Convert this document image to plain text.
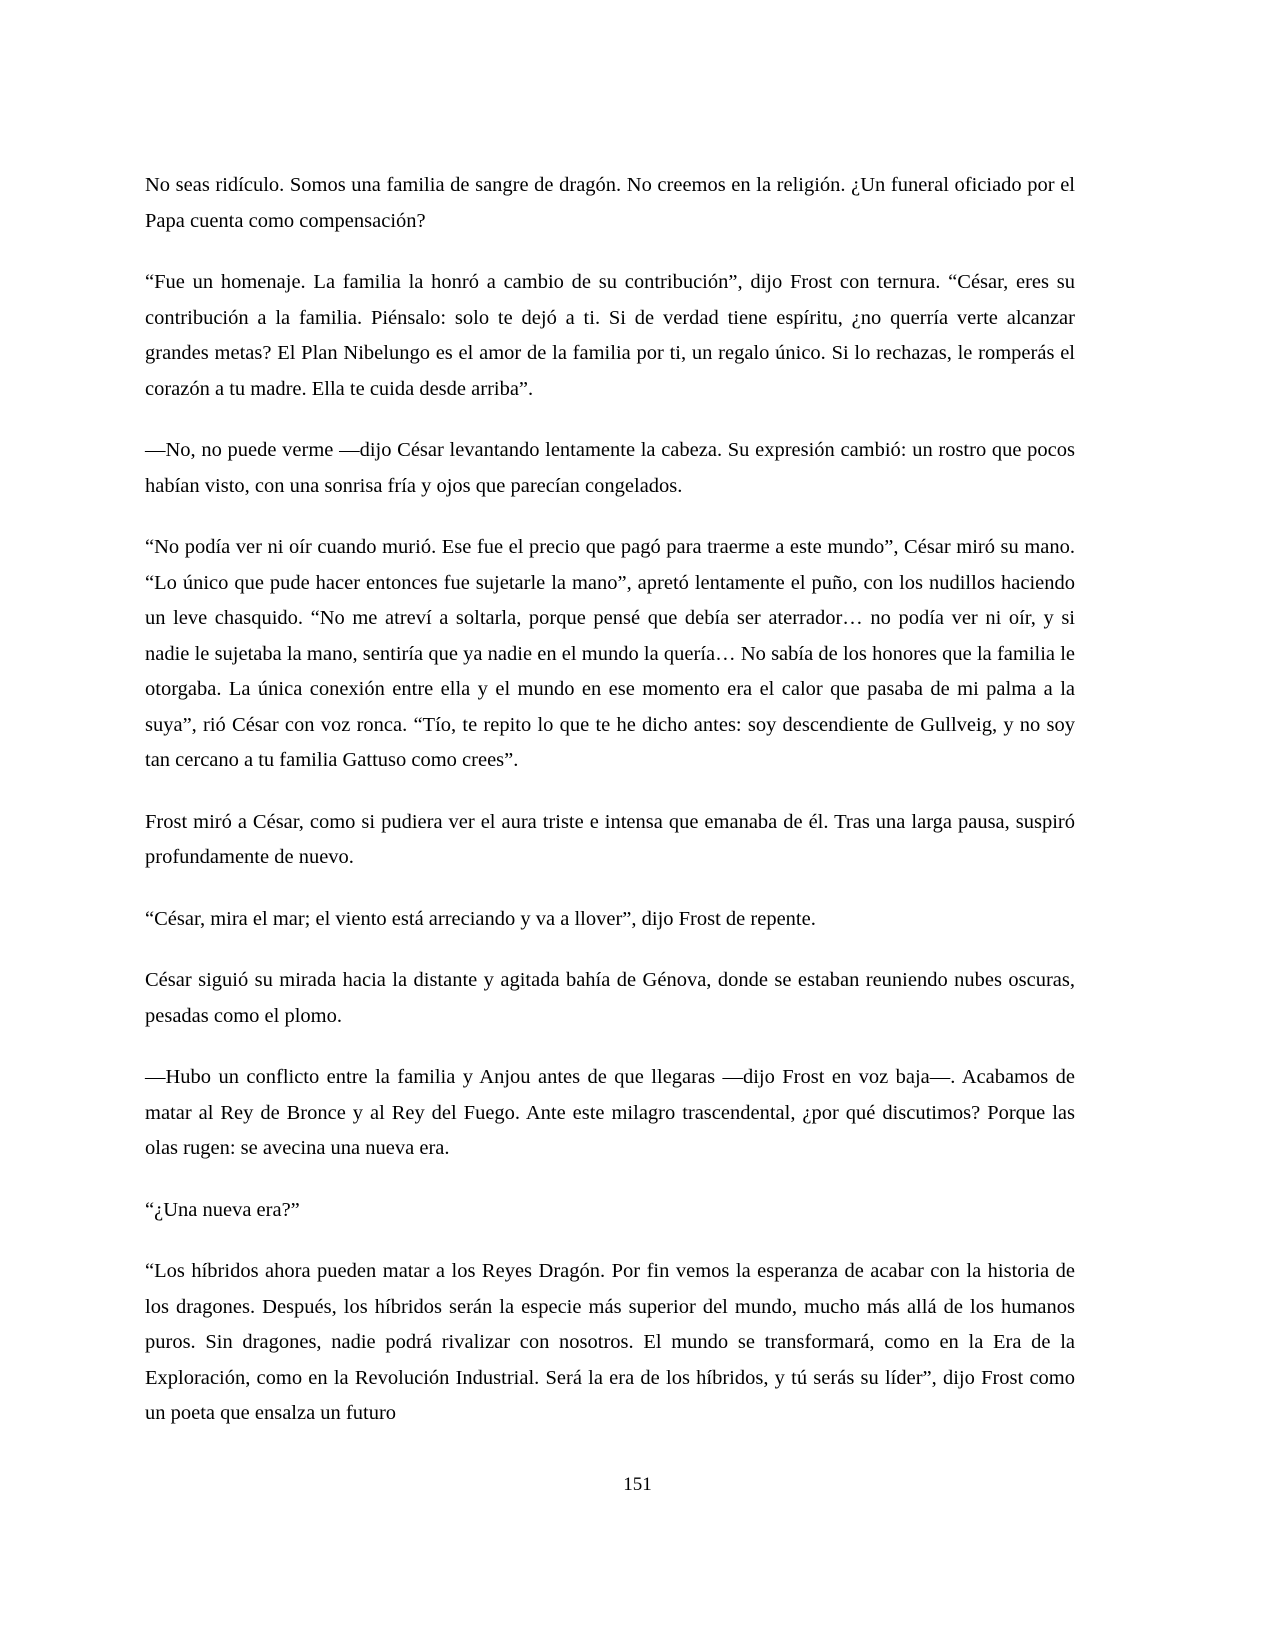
No seas ridículo. Somos una familia de sangre de dragón. No creemos en la religión. ¿Un funeral oficiado por el Papa cuenta como compensación?

“Fue un homenaje. La familia la honró a cambio de su contribución”, dijo Frost con ternura. “César, eres su contribución a la familia. Piénsalo: solo te dejó a ti. Si de verdad tiene espíritu, ¿no querría verte alcanzar grandes metas? El Plan Nibelungo es el amor de la familia por ti, un regalo único. Si lo rechazas, le romperás el corazón a tu madre. Ella te cuida desde arriba”.

—No, no puede verme —dijo César levantando lentamente la cabeza. Su expresión cambió: un rostro que pocos habían visto, con una sonrisa fría y ojos que parecían congelados.

“No podía ver ni oír cuando murió. Ese fue el precio que pagó para traerme a este mundo”, César miró su mano. “Lo único que pude hacer entonces fue sujetarle la mano”, apretó lentamente el puño, con los nudillos haciendo un leve chasquido. “No me atreví a soltarla, porque pensé que debía ser aterrador… no podía ver ni oír, y si nadie le sujetaba la mano, sentiría que ya nadie en el mundo la quería… No sabía de los honores que la familia le otorgaba. La única conexión entre ella y el mundo en ese momento era el calor que pasaba de mi palma a la suya”, rió César con voz ronca. “Tío, te repito lo que te he dicho antes: soy descendiente de Gullveig, y no soy tan cercano a tu familia Gattuso como crees”.

Frost miró a César, como si pudiera ver el aura triste e intensa que emanaba de él. Tras una larga pausa, suspiró profundamente de nuevo.

“César, mira el mar; el viento está arreciando y va a llover”, dijo Frost de repente.

César siguió su mirada hacia la distante y agitada bahía de Génova, donde se estaban reuniendo nubes oscuras, pesadas como el plomo.

—Hubo un conflicto entre la familia y Anjou antes de que llegaras —dijo Frost en voz baja—. Acabamos de matar al Rey de Bronce y al Rey del Fuego. Ante este milagro trascendental, ¿por qué discutimos? Porque las olas rugen: se avecina una nueva era.

“¿Una nueva era?”

“Los híbridos ahora pueden matar a los Reyes Dragón. Por fin vemos la esperanza de acabar con la historia de los dragones. Después, los híbridos serán la especie más superior del mundo, mucho más allá de los humanos puros. Sin dragones, nadie podrá rivalizar con nosotros. El mundo se transformará, como en la Era de la Exploración, como en la Revolución Industrial. Será la era de los híbridos, y tú serás su líder”, dijo Frost como un poeta que ensalza un futuro

151
